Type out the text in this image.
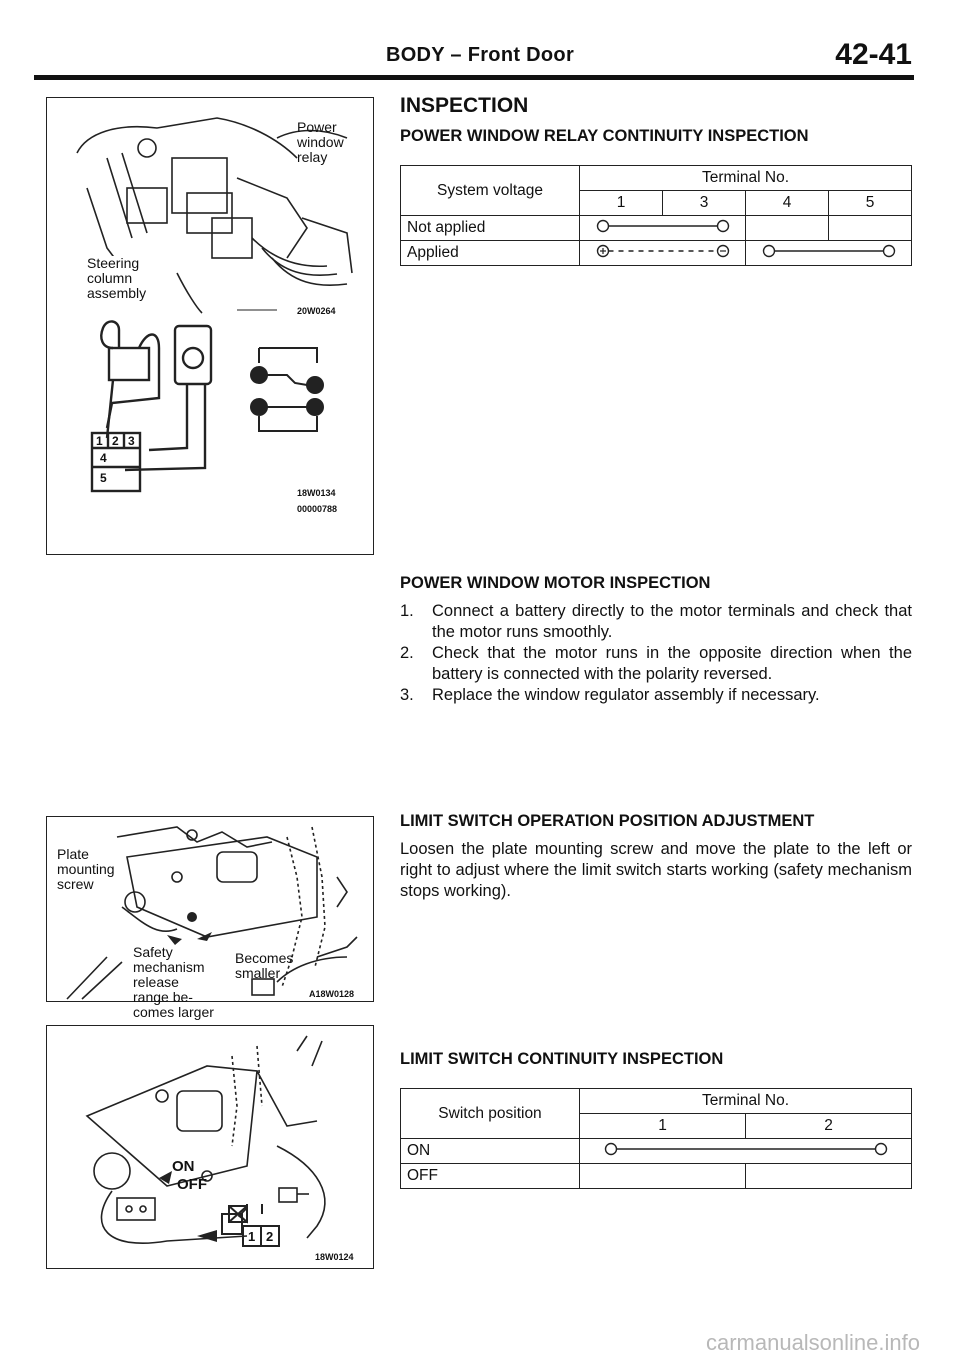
BODY – Front Door	42-41
1 2 3
4
5
Power
window
relay
Steering
column
assembly
20W0264
18W0134
00000788
Plate
mounting
screw
Safety
mechanism
release
range be-
comes larger
Becomes
smaller
A18W0128
1 2
ON
OFF
18W0124
INSPECTION
POWER WINDOW RELAY CONTINUITY INSPECTION
System voltage	Terminal No.			
	1	3	4	5
Not applied			
Applied		
POWER WINDOW MOTOR INSPECTION
1. Connect a battery directly to the motor terminals and check that the motor runs smoothly.
2. Check that the motor runs in the opposite direction when the battery is connected with the polarity reversed.
3. Replace the window regulator assembly if necessary.
LIMIT SWITCH OPERATION POSITION ADJUSTMENT

Loosen the plate mounting screw and move the plate to the left or right to adjust where the limit switch starts working (safety mechanism stops working).

LIMIT SWITCH CONTINUITY INSPECTION
Switch position	Terminal No.	
	1	2
ON	
OFF		
carmanualsonline.info
